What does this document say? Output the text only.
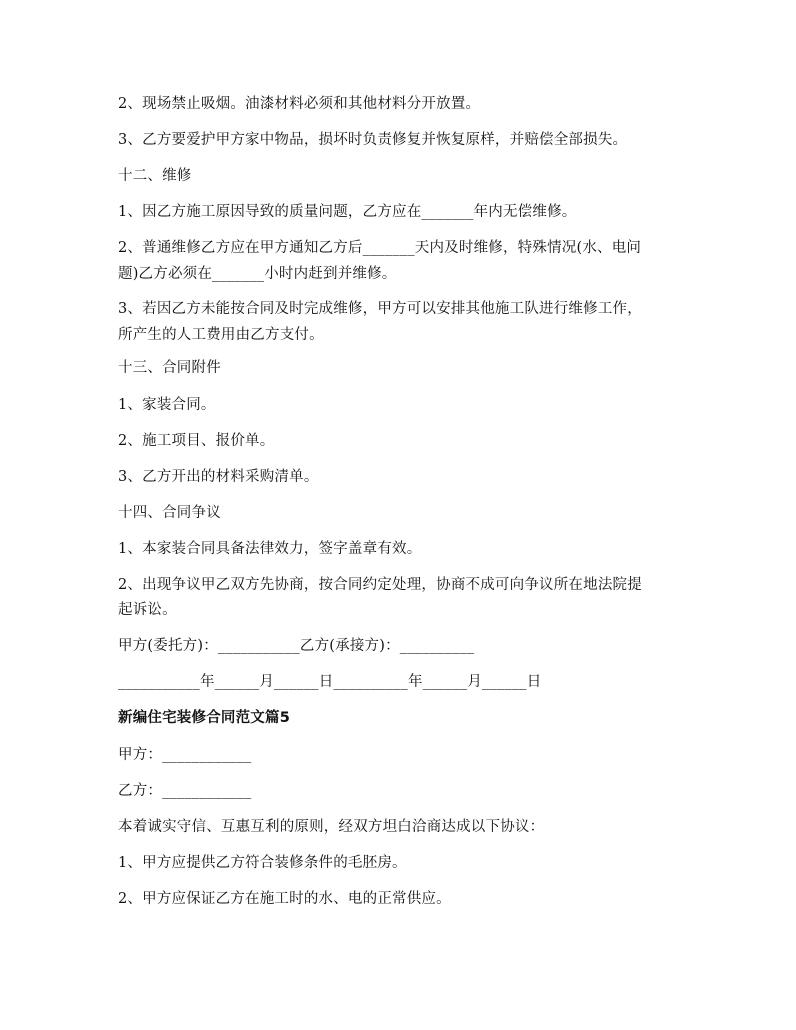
2、现场禁止吸烟。油漆材料必须和其他材料分开放置。
3、乙方要爱护甲方家中物品，损坏时负责修复并恢复原样，并赔偿全部损失。
十二、维修
1、因乙方施工原因导致的质量问题，乙方应在_______年内无偿维修。
2、普通维修乙方应在甲方通知乙方后_______天内及时维修，特殊情况(水、电问
题)乙方必须在_______小时内赶到并维修。
3、若因乙方未能按合同及时完成维修，甲方可以安排其他施工队进行维修工作，
所产生的人工费用由乙方支付。
十三、合同附件
1、家装合同。
2、施工项目、报价单。
3、乙方开出的材料采购清单。
十四、合同争议
1、本家装合同具备法律效力，签字盖章有效。
2、出现争议甲乙双方先协商，按合同约定处理，协商不成可向争议所在地法院提
起诉讼。
甲方(委托方)：___________乙方(承接方)：__________
___________年______月______日__________年______月______日
新编住宅装修合同范文篇5
甲方：____________
乙方：____________
本着诚实守信、互惠互利的原则，经双方坦白洽商达成以下协议：
1、甲方应提供乙方符合装修条件的毛胚房。
2、甲方应保证乙方在施工时的水、电的正常供应。
